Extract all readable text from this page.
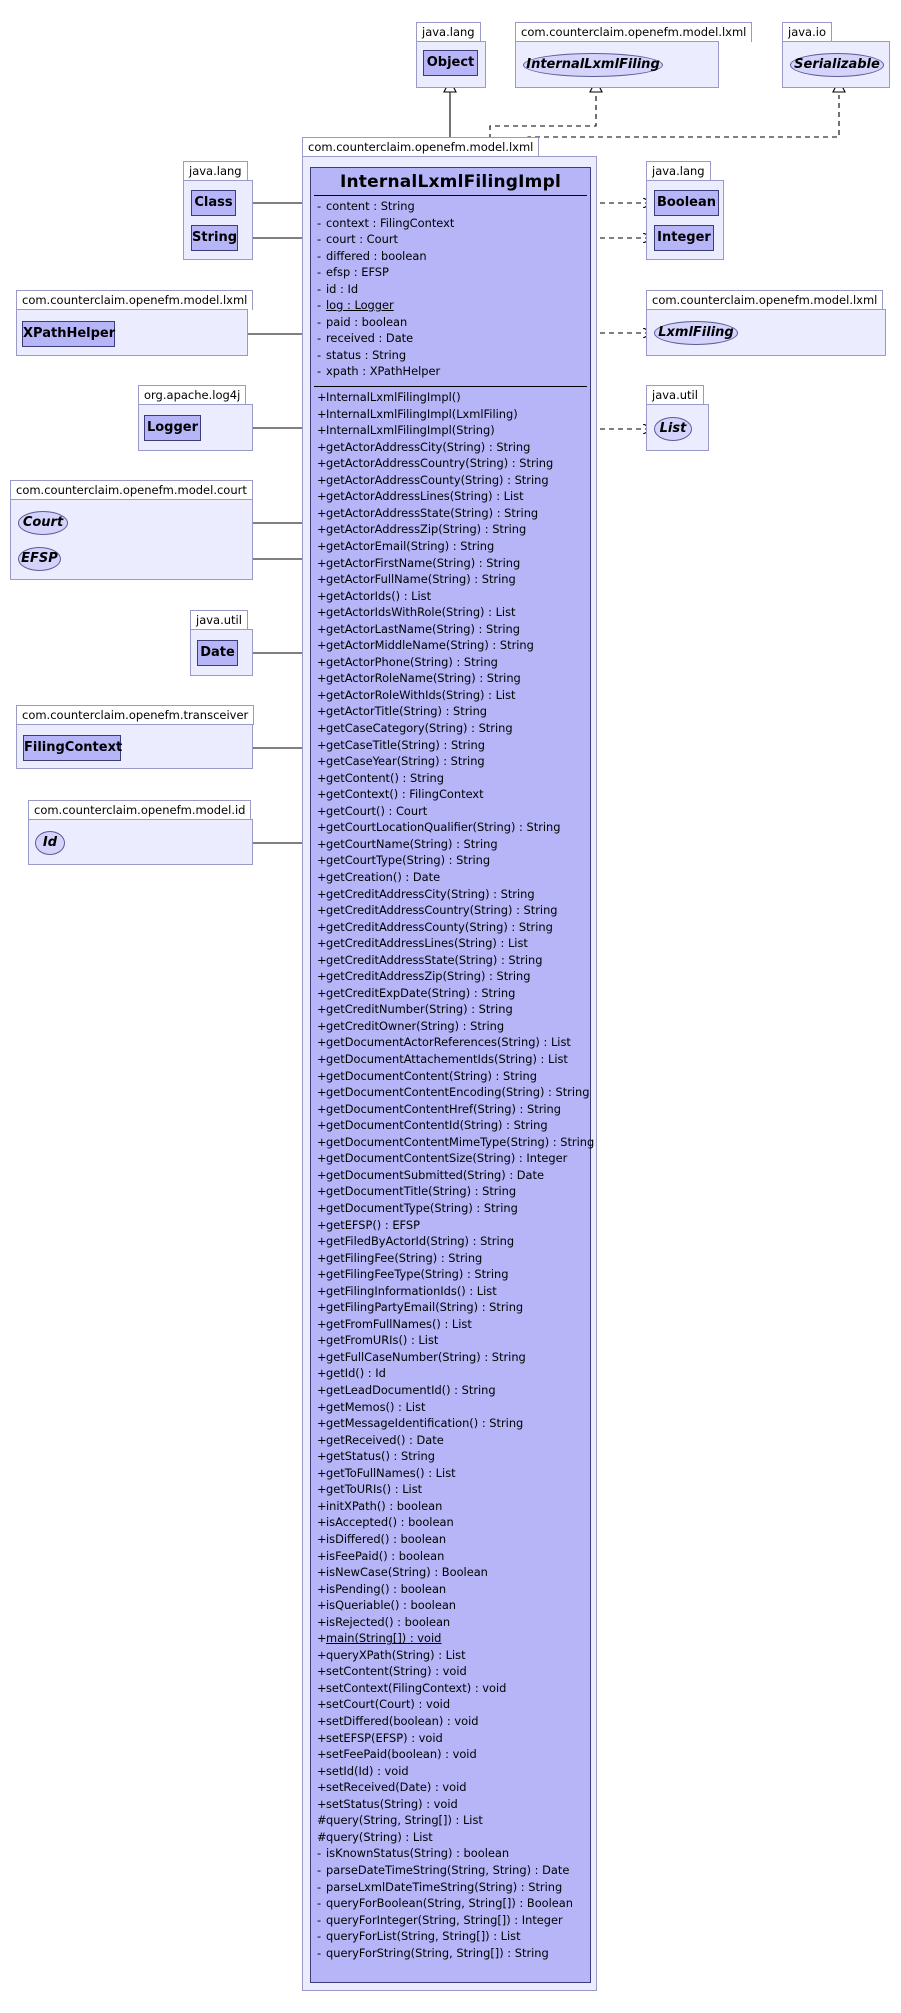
java.lang
Object
com.counterclaim.openefm.model.lxml
InternalLxmlFiling
java.io
Serializable
com.counterclaim.openefm.model.lxml
InternalLxmlFilingImpl
- content : String
- context : FilingContext
- court : Court
- differed : boolean
- efsp : EFSP
- id : Id
- log : Logger
- paid : boolean
- received : Date
- status : String
- xpath : XPathHelper
+InternalLxmlFilingImpl()
+InternalLxmlFilingImpl(LxmlFiling)
+InternalLxmlFilingImpl(String)
+getActorAddressCity(String) : String
+getActorAddressCountry(String) : String
+getActorAddressCounty(String) : String
+getActorAddressLines(String) : List
+getActorAddressState(String) : String
+getActorAddressZip(String) : String
+getActorEmail(String) : String
+getActorFirstName(String) : String
+getActorFullName(String) : String
+getActorIds() : List
+getActorIdsWithRole(String) : List
+getActorLastName(String) : String
+getActorMiddleName(String) : String
+getActorPhone(String) : String
+getActorRoleName(String) : String
+getActorRoleWithIds(String) : List
+getActorTitle(String) : String
+getCaseCategory(String) : String
+getCaseTitle(String) : String
+getCaseYear(String) : String
+getContent() : String
+getContext() : FilingContext
+getCourt() : Court
+getCourtLocationQualifier(String) : String
+getCourtName(String) : String
+getCourtType(String) : String
+getCreation() : Date
+getCreditAddressCity(String) : String
+getCreditAddressCountry(String) : String
+getCreditAddressCounty(String) : String
+getCreditAddressLines(String) : List
+getCreditAddressState(String) : String
+getCreditAddressZip(String) : String
+getCreditExpDate(String) : String
+getCreditNumber(String) : String
+getCreditOwner(String) : String
+getDocumentActorReferences(String) : List
+getDocumentAttachementIds(String) : List
+getDocumentContent(String) : String
+getDocumentContentEncoding(String) : String
+getDocumentContentHref(String) : String
+getDocumentContentId(String) : String
+getDocumentContentMimeType(String) : String
+getDocumentContentSize(String) : Integer
+getDocumentSubmitted(String) : Date
+getDocumentTitle(String) : String
+getDocumentType(String) : String
+getEFSP() : EFSP
+getFiledByActorId(String) : String
+getFilingFee(String) : String
+getFilingFeeType(String) : String
+getFilingInformationIds() : List
+getFilingPartyEmail(String) : String
+getFromFullNames() : List
+getFromURIs() : List
+getFullCaseNumber(String) : String
+getId() : Id
+getLeadDocumentId() : String
+getMemos() : List
+getMessageIdentification() : String
+getReceived() : Date
+getStatus() : String
+getToFullNames() : List
+getToURIs() : List
+initXPath() : boolean
+isAccepted() : boolean
+isDiffered() : boolean
+isFeePaid() : boolean
+isNewCase(String) : Boolean
+isPending() : boolean
+isQueriable() : boolean
+isRejected() : boolean
+main(String[]) : void
+queryXPath(String) : List
+setContent(String) : void
+setContext(FilingContext) : void
+setCourt(Court) : void
+setDiffered(boolean) : void
+setEFSP(EFSP) : void
+setFeePaid(boolean) : void
+setId(Id) : void
+setReceived(Date) : void
+setStatus(String) : void
#query(String, String[]) : List
#query(String) : List
- isKnownStatus(String) : boolean
- parseDateTimeString(String, String) : Date
- parseLxmlDateTimeString(String) : String
- queryForBoolean(String, String[]) : Boolean
- queryForInteger(String, String[]) : Integer
- queryForList(String, String[]) : List
- queryForString(String, String[]) : String
java.lang
Class
String
com.counterclaim.openefm.model.lxml
XPathHelper
org.apache.log4j
Logger
com.counterclaim.openefm.model.court
Court
EFSP
java.util
Date
com.counterclaim.openefm.transceiver
FilingContext
com.counterclaim.openefm.model.id
Id
java.lang
Boolean
Integer
com.counterclaim.openefm.model.lxml
LxmlFiling
java.util
List
